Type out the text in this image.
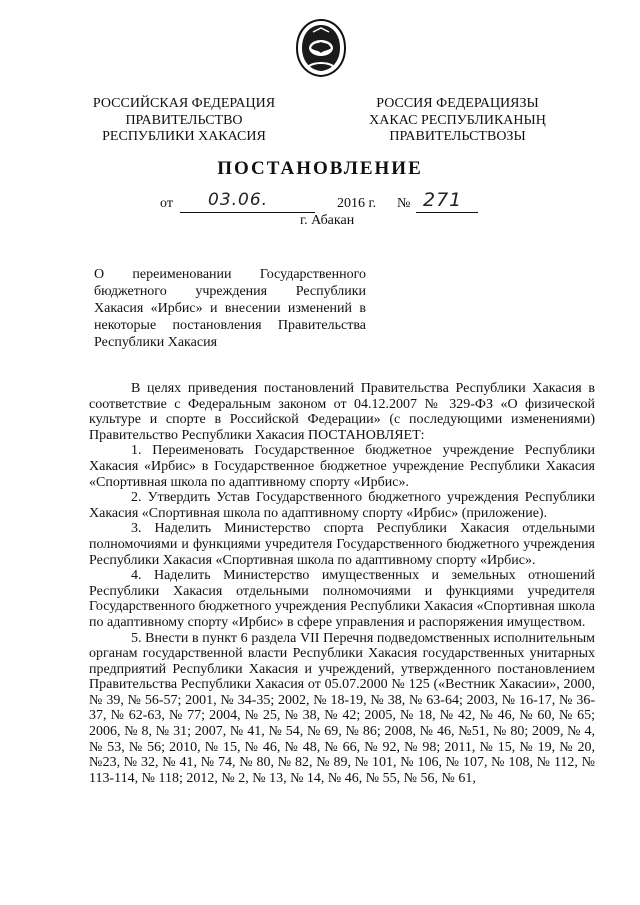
РОССИЙСКАЯ ФЕДЕРАЦИЯ
ПРАВИТЕЛЬСТВО
РЕСПУБЛИКИ ХАКАСИЯ
РОССИЯ ФЕДЕРАЦИЯЗЫ
ХАКАС РЕСПУБЛИКАНЫҢ
ПРАВИТЕЛЬСТВОЗЫ
ПОСТАНОВЛЕНИЕ
от 03.06.	2016 г. № 271
г. Абакан
О переименовании Государственного бюджетного учреждения Республики Хакасия «Ирбис» и внесении изменений в некоторые постановления Правительства Республики Хакасия

В целях приведения постановлений Правительства Республики Хакасия в соответствие с Федеральным законом от 04.12.2007 № 329-ФЗ «О физической культуре и спорте в Российской Федерации» (с последующими изменениями) Правительство Республики Хакасия ПОСТАНОВЛЯЕТ:

1. Переименовать Государственное бюджетное учреждение Республики Хакасия «Ирбис» в Государственное бюджетное учреждение Республики Хакасия «Спортивная школа по адаптивному спорту «Ирбис».

2. Утвердить Устав Государственного бюджетного учреждения Республики Хакасия «Спортивная школа по адаптивному спорту «Ирбис» (приложение).

3. Наделить Министерство спорта Республики Хакасия отдельными полномочиями и функциями учредителя Государственного бюджетного учреждения Республики Хакасия «Спортивная школа по адаптивному спорту «Ирбис».

4. Наделить Министерство имущественных и земельных отношений Республики Хакасия отдельными полномочиями и функциями учредителя Государственного бюджетного учреждения Республики Хакасия «Спортивная школа по адаптивному спорту «Ирбис» в сфере управления и распоряжения имуществом.

5. Внести в пункт 6 раздела VII Перечня подведомственных исполнительным органам государственной власти Республики Хакасия государственных унитарных предприятий Республики Хакасия и учреждений, утвержденного постановлением Правительства Республики Хакасия от 05.07.2000 № 125 («Вестник Хакасии», 2000, № 39, № 56-57; 2001, № 34-35; 2002, № 18-19, № 38, № 63-64; 2003, № 16-17, № 36-37, № 62-63, № 77; 2004, № 25, № 38, № 42; 2005, № 18, № 42, № 46, № 60, № 65; 2006, № 8, № 31; 2007, № 41, № 54, № 69, № 86; 2008, № 46, №51, № 80; 2009, № 4, № 53, № 56; 2010, № 15, № 46, № 48, № 66, № 92, № 98; 2011, № 15, № 19, № 20, №23, № 32, № 41, № 74, № 80, № 82, № 89, № 101, № 106, № 107, № 108, № 112, № 113-114, № 118; 2012, № 2, № 13, № 14, № 46, № 55, № 56, № 61,
